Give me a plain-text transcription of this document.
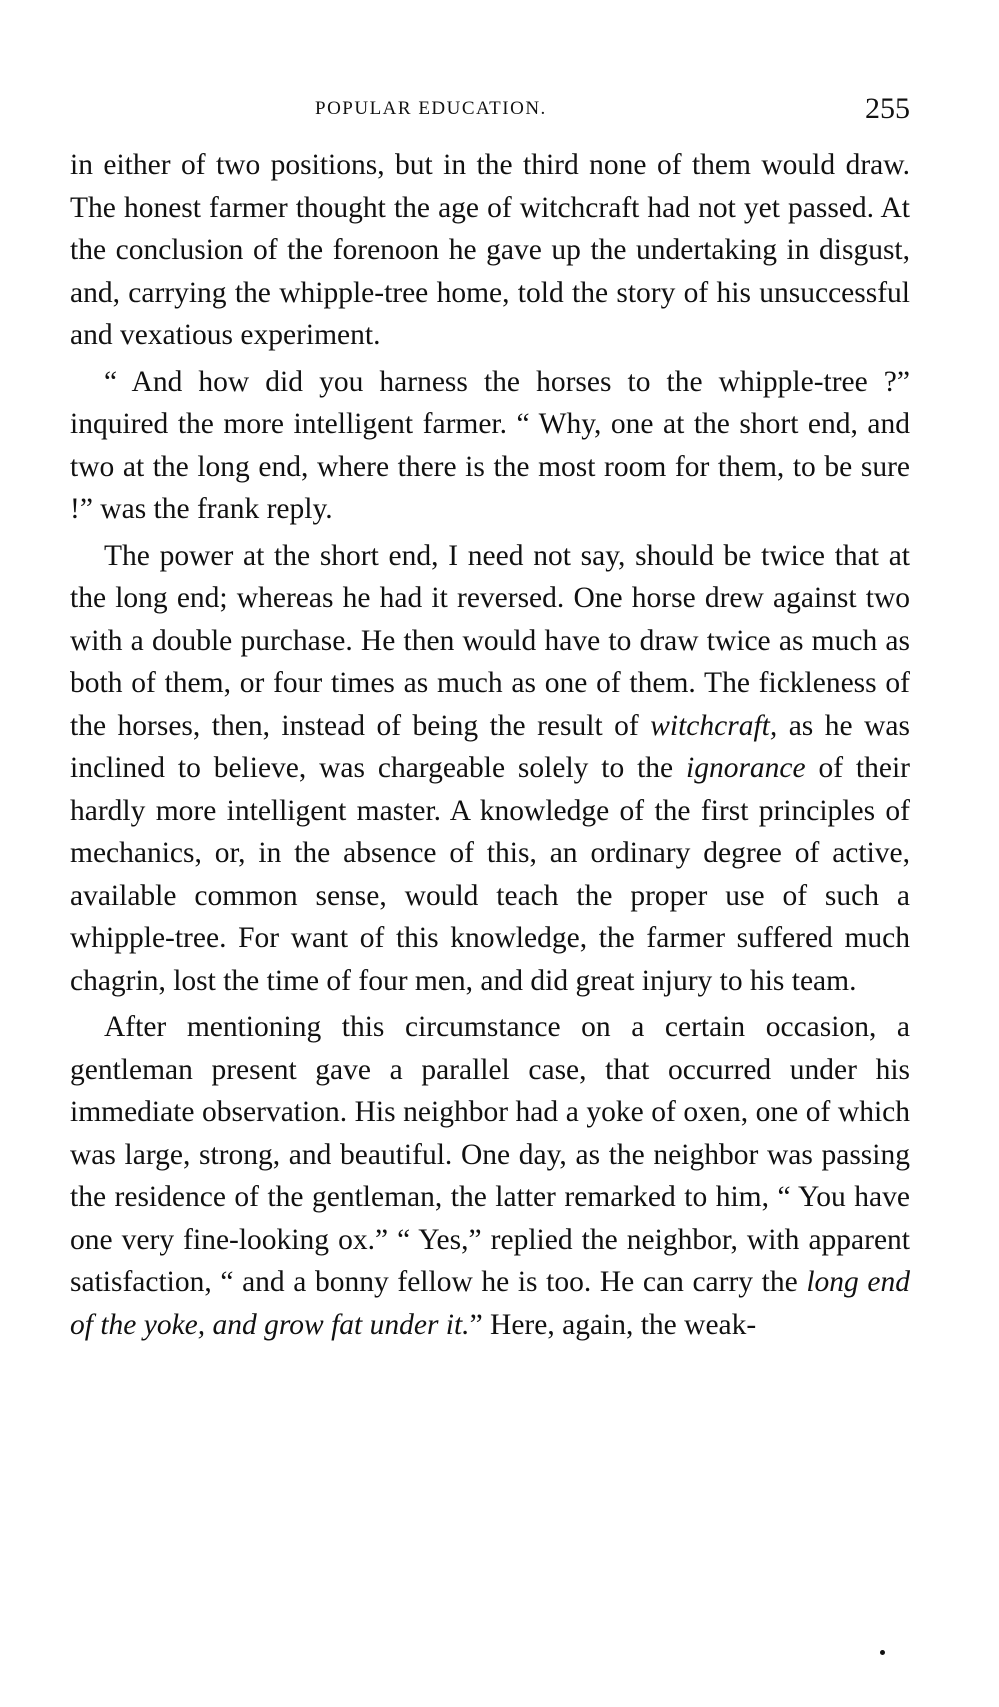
POPULAR EDUCATION.	255

in either of two positions, but in the third none of them would draw. The honest farmer thought the age of witchcraft had not yet passed. At the conclusion of the forenoon he gave up the undertaking in disgust, and, carrying the whipple-tree home, told the story of his unsuccessful and vexatious experiment.

“ And how did you harness the horses to the whipple-tree ?” inquired the more intelligent farmer. “ Why, one at the short end, and two at the long end, where there is the most room for them, to be sure !” was the frank reply.

The power at the short end, I need not say, should be twice that at the long end; whereas he had it reversed. One horse drew against two with a double purchase. He then would have to draw twice as much as both of them, or four times as much as one of them. The fickleness of the horses, then, instead of being the result of witchcraft, as he was inclined to believe, was chargeable solely to the ignorance of their hardly more intelligent master. A knowledge of the first principles of mechanics, or, in the absence of this, an ordinary degree of active, available common sense, would teach the proper use of such a whipple-tree. For want of this knowledge, the farmer suffered much chagrin, lost the time of four men, and did great injury to his team.

After mentioning this circumstance on a certain occasion, a gentleman present gave a parallel case, that occurred under his immediate observation. His neighbor had a yoke of oxen, one of which was large, strong, and beautiful. One day, as the neighbor was passing the residence of the gentleman, the latter remarked to him, “ You have one very fine-looking ox.” “ Yes,” replied the neighbor, with apparent satisfaction, “ and a bonny fellow he is too. He can carry the long end of the yoke, and grow fat under it.” Here, again, the weak-
